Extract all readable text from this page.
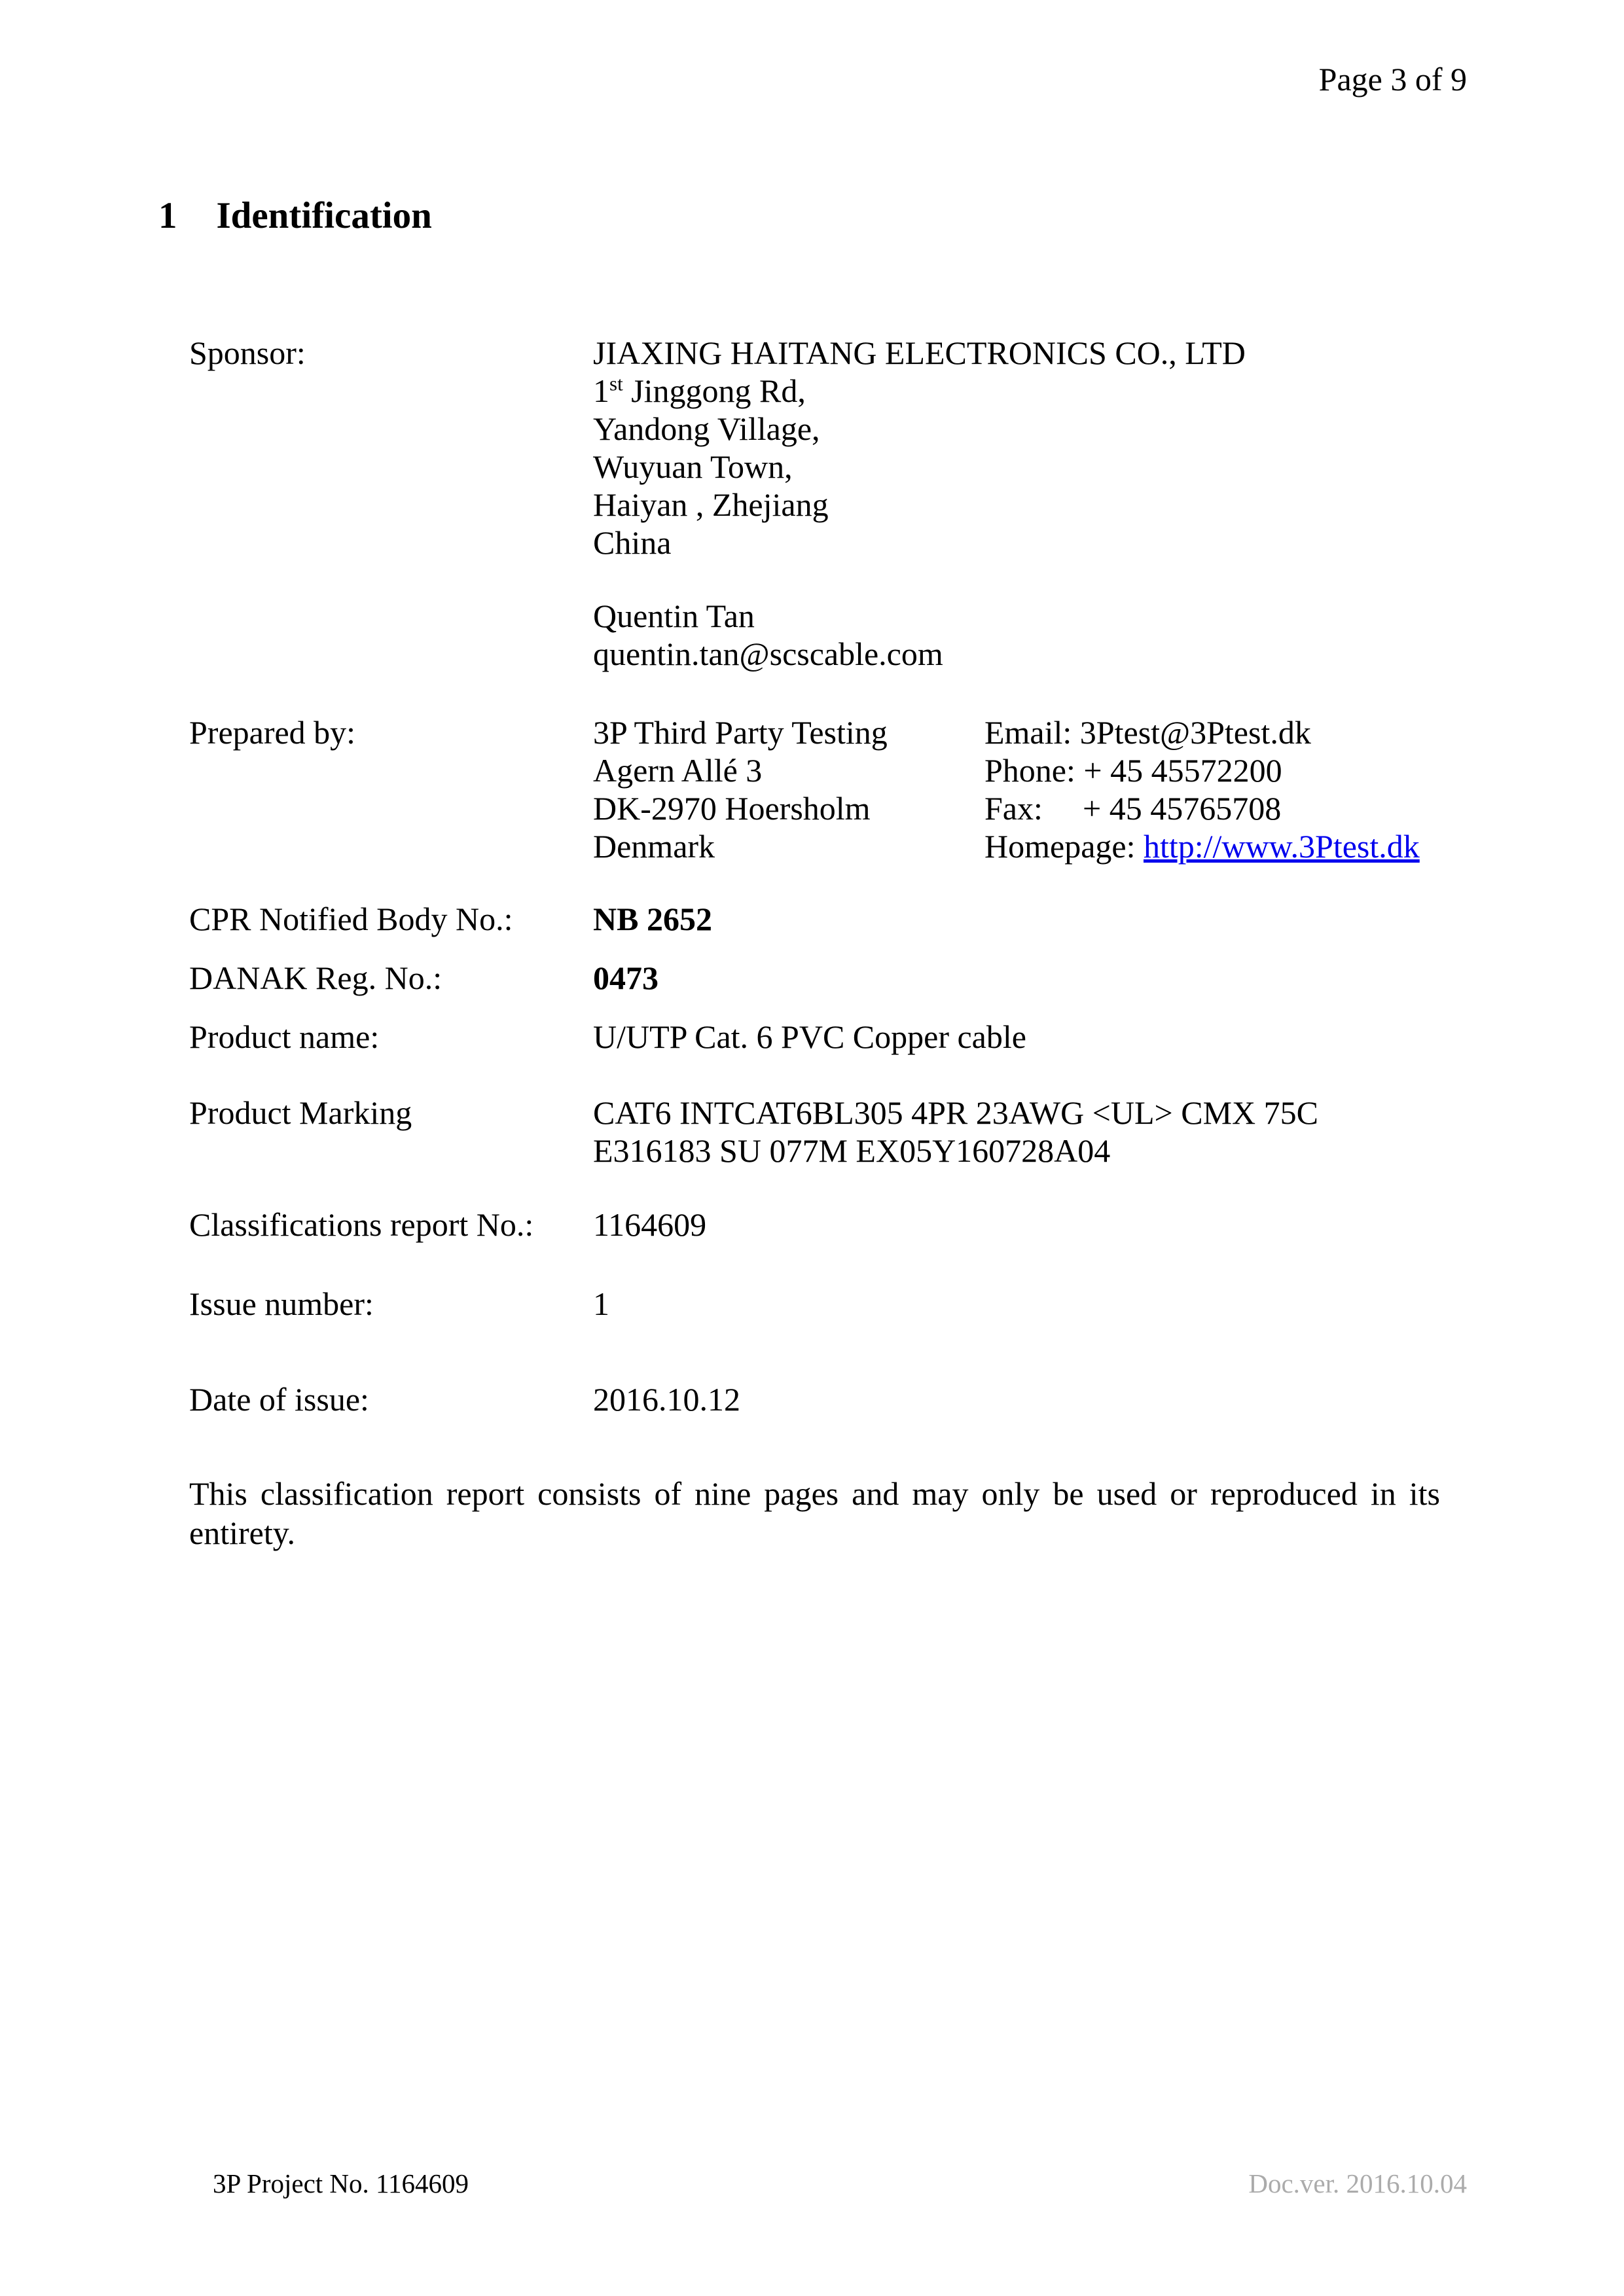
Page 3 of 9
1 Identification
Sponsor:	JIAXING HAITANG ELECTRONICS CO., LTD
1st Jinggong Rd,
Yandong Village,
Wuyuan Town,
Haiyan , Zhejiang
China
Quentin Tan
quentin.tan@scscable.com
Prepared by:	3P Third Party Testing
Agern Allé 3
DK-2970 Hoersholm
Denmark
Email: 3Ptest@3Ptest.dk
Phone: + 45 45572200
Fax: + 45 45765708
Homepage: http://www.3Ptest.dk
CPR Notified Body No.: NB 2652
DANAK Reg. No.:	0473
Product name:	U/UTP Cat. 6 PVC Copper cable
Product Marking	CAT6 INTCAT6BL305 4PR 23AWG <UL> CMX 75C
E316183 SU 077M EX05Y160728A04
Classifications report No.: 1164609
Issue number:	1
Date of issue:	2016.10.12
This classification report consists of nine pages and may only be used or reproduced in its entirety.
3P Project No. 1164609	Doc.ver. 2016.10.04
